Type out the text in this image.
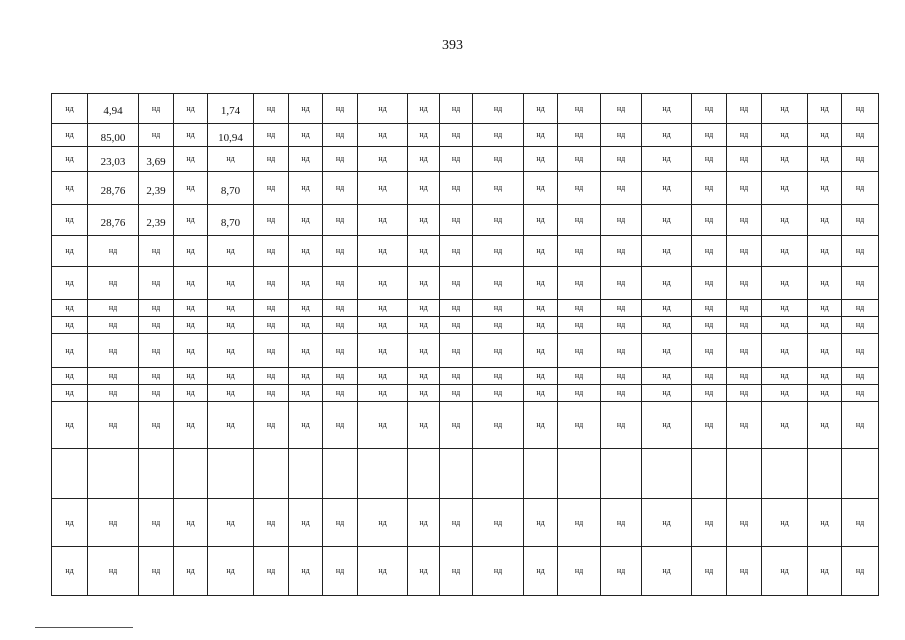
393
нд	4,94	нд	нд	1,74	нд	нд	нд	нд	нд	нд	нд	нд	нд	нд	нд	нд	нд	нд	нд	нд
нд	85,00	нд	нд	10,94	нд	нд	нд	нд	нд	нд	нд	нд	нд	нд	нд	нд	нд	нд	нд	нд
нд	23,03	3,69	нд	нд	нд	нд	нд	нд	нд	нд	нд	нд	нд	нд	нд	нд	нд	нд	нд	нд
нд	28,76	2,39	нд	8,70	нд	нд	нд	нд	нд	нд	нд	нд	нд	нд	нд	нд	нд	нд	нд	нд
нд	28,76	2,39	нд	8,70	нд	нд	нд	нд	нд	нд	нд	нд	нд	нд	нд	нд	нд	нд	нд	нд
нд	нд	нд	нд	нд	нд	нд	нд	нд	нд	нд	нд	нд	нд	нд	нд	нд	нд	нд	нд	нд
нд	нд	нд	нд	нд	нд	нд	нд	нд	нд	нд	нд	нд	нд	нд	нд	нд	нд	нд	нд	нд
нд	нд	нд	нд	нд	нд	нд	нд	нд	нд	нд	нд	нд	нд	нд	нд	нд	нд	нд	нд	нд
нд	нд	нд	нд	нд	нд	нд	нд	нд	нд	нд	нд	нд	нд	нд	нд	нд	нд	нд	нд	нд
нд	нд	нд	нд	нд	нд	нд	нд	нд	нд	нд	нд	нд	нд	нд	нд	нд	нд	нд	нд	нд
нд	нд	нд	нд	нд	нд	нд	нд	нд	нд	нд	нд	нд	нд	нд	нд	нд	нд	нд	нд	нд
нд	нд	нд	нд	нд	нд	нд	нд	нд	нд	нд	нд	нд	нд	нд	нд	нд	нд	нд	нд	нд
нд	нд	нд	нд	нд	нд	нд	нд	нд	нд	нд	нд	нд	нд	нд	нд	нд	нд	нд	нд	нд

нд	нд	нд	нд	нд	нд	нд	нд	нд	нд	нд	нд	нд	нд	нд	нд	нд	нд	нд	нд	нд
нд	нд	нд	нд	нд	нд	нд	нд	нд	нд	нд	нд	нд	нд	нд	нд	нд	нд	нд	нд	нд
